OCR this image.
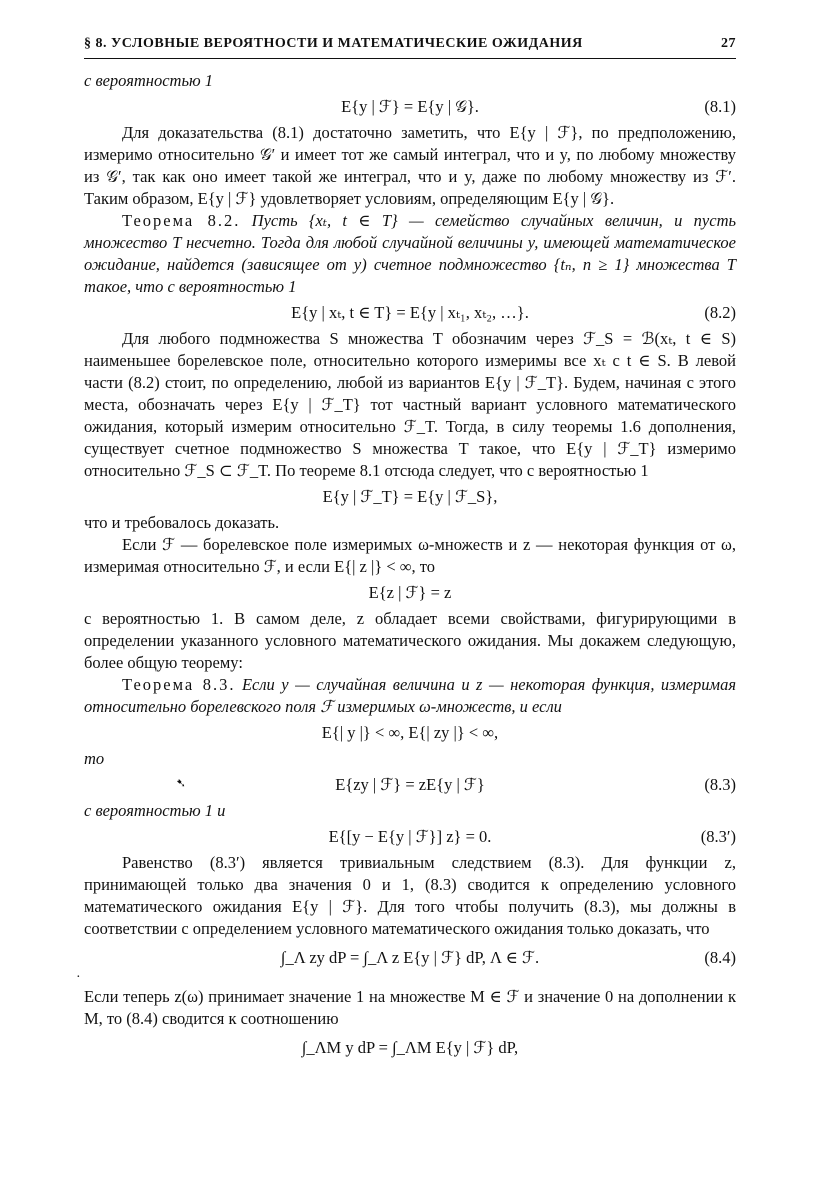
§ 8. УСЛОВНЫЕ ВЕРОЯТНОСТИ И МАТЕМАТИЧЕСКИЕ ОЖИДАНИЯ	27

с вероятностью 1

E{y | ℱ} = E{y | 𝒢}.	(8.1)

Для доказательства (8.1) достаточно заметить, что E{y | ℱ}, по предположению, измеримо относительно 𝒢′ и имеет тот же самый интеграл, что и y, по любому множеству из 𝒢′, так как оно имеет такой же интеграл, что и y, даже по любому множеству из ℱ′. Таким образом, E{y | ℱ} удовлетворяет условиям, определяющим E{y | 𝒢}.

Теорема 8.2. Пусть {xₜ, t ∈ T} — семейство случайных величин, и пусть множество T несчетно. Тогда для любой случайной величины y, имеющей математическое ожидание, найдется (зависящее от y) счетное подмножество {tₙ, n ≥ 1} множества T такое, что с вероятностью 1

E{y | xₜ, t ∈ T} = E{y | xₜ₁, xₜ₂, …}.	(8.2)

Для любого подмножества S множества T обозначим через ℱ_S = ℬ(xₜ, t ∈ S) наименьшее борелевское поле, относительно которого измеримы все xₜ с t ∈ S. В левой части (8.2) стоит, по определению, любой из вариантов E{y | ℱ_T}. Будем, начиная с этого места, обозначать через E{y | ℱ_T} тот частный вариант условного математического ожидания, который измерим относительно ℱ_T. Тогда, в силу теоремы 1.6 дополнения, существует счетное подмножество S множества T такое, что E{y | ℱ_T} измеримо относительно ℱ_S ⊂ ℱ_T. По теореме 8.1 отсюда следует, что с вероятностью 1

E{y | ℱ_T} = E{y | ℱ_S},

что и требовалось доказать.

Если ℱ — борелевское поле измеримых ω-множеств и z — некоторая функция от ω, измеримая относительно ℱ, и если E{| z |} < ∞, то

E{z | ℱ} = z

с вероятностью 1. В самом деле, z обладает всеми свойствами, фигурирующими в определении указанного условного математического ожидания. Мы докажем следующую, более общую теорему:

Теорема 8.3. Если y — случайная величина и z — некоторая функция, измеримая относительно борелевского поля ℱ измеримых ω-множеств, и если

E{| y |} < ∞, E{| zy |} < ∞,

то

E{zy | ℱ} = zE{y | ℱ}	(8.3)

с вероятностью 1 и

E{[y − E{y | ℱ}] z} = 0.	(8.3′)

Равенство (8.3′) является тривиальным следствием (8.3). Для функции z, принимающей только два значения 0 и 1, (8.3) сводится к определению условного математического ожидания E{y | ℱ}. Для того чтобы получить (8.3), мы должны в соответствии с определением условного математического ожидания только доказать, что

∫_Λ zy dP = ∫_Λ z E{y | ℱ} dP, Λ ∈ ℱ.	(8.4)

Если теперь z(ω) принимает значение 1 на множестве M ∈ ℱ и значение 0 на дополнении к M, то (8.4) сводится к соотношению

∫_ΛM y dP = ∫_ΛM E{y | ℱ} dP,
➷
·
